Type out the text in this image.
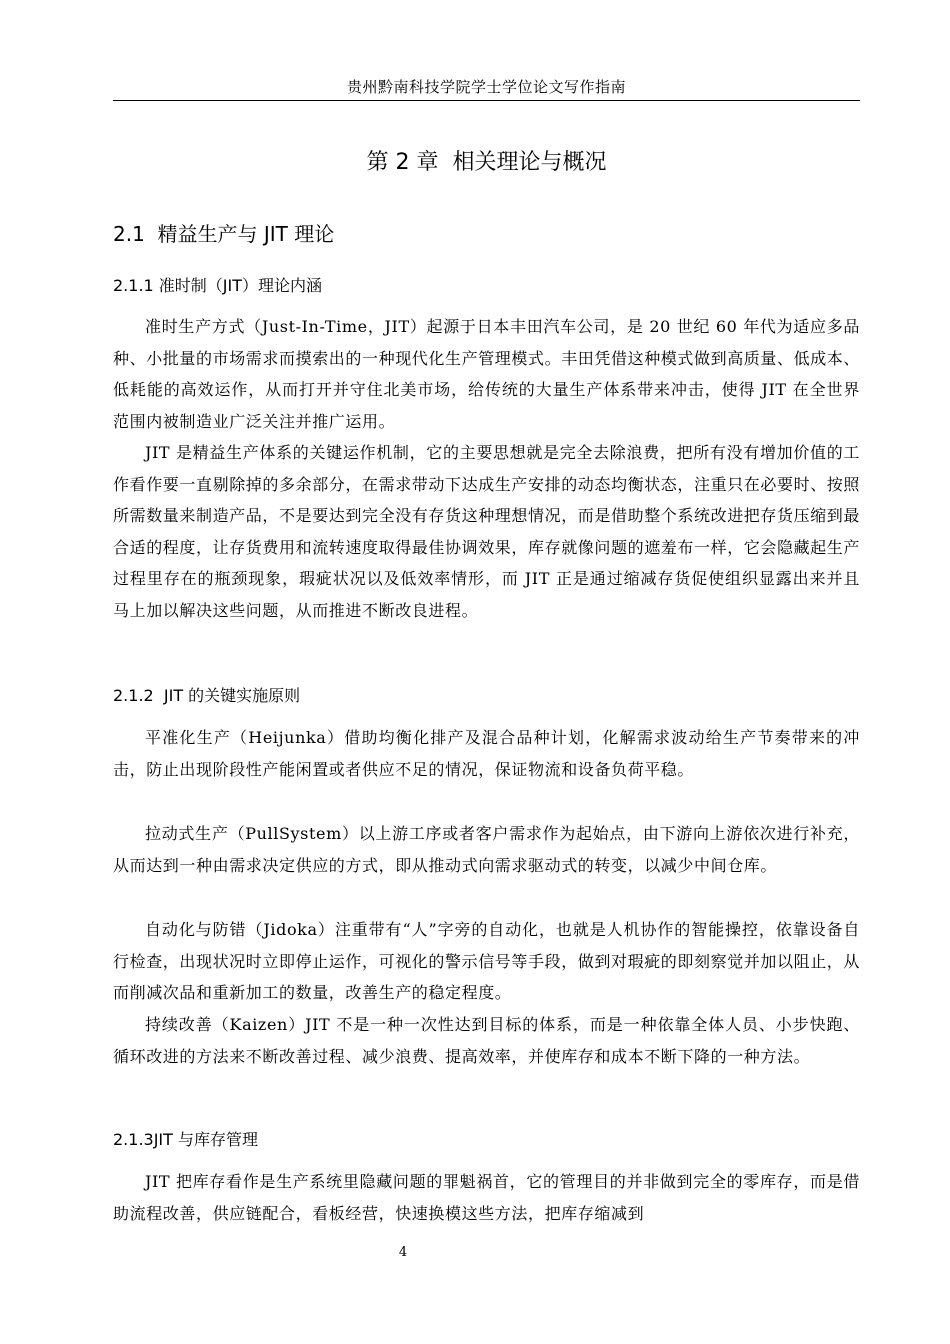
贵州黔南科技学院学士学位论文写作指南
第 2 章  相关理论与概况
2.1  精益生产与 JIT 理论
2.1.1 准时制（JIT）理论内涵

准时生产方式（Just-In-Time，JIT）起源于日本丰田汽车公司，是 20 世纪 60 年代为适应多品种、小批量的市场需求而摸索出的一种现代化生产管理模式。丰田凭借这种模式做到高质量、低成本、低耗能的高效运作，从而打开并守住北美市场，给传统的大量生产体系带来冲击，使得 JIT 在全世界范围内被制造业广泛关注并推广运用。

JIT 是精益生产体系的关键运作机制，它的主要思想就是完全去除浪费，把所有没有增加价值的工作看作要一直剔除掉的多余部分，在需求带动下达成生产安排的动态均衡状态，注重只在必要时、按照所需数量来制造产品，不是要达到完全没有存货这种理想情况，而是借助整个系统改进把存货压缩到最合适的程度，让存货费用和流转速度取得最佳协调效果，库存就像问题的遮羞布一样，它会隐藏起生产过程里存在的瓶颈现象，瑕疵状况以及低效率情形，而 JIT 正是通过缩减存货促使组织显露出来并且马上加以解决这些问题，从而推进不断改良进程。

2.1.2  JIT 的关键实施原则

平准化生产（Heijunka）借助均衡化排产及混合品种计划，化解需求波动给生产节奏带来的冲击，防止出现阶段性产能闲置或者供应不足的情况，保证物流和设备负荷平稳。

拉动式生产（PullSystem）以上游工序或者客户需求作为起始点，由下游向上游依次进行补充，从而达到一种由需求决定供应的方式，即从推动式向需求驱动式的转变，以减少中间仓库。

自动化与防错（Jidoka）注重带有“人”字旁的自动化，也就是人机协作的智能操控，依靠设备自行检查，出现状况时立即停止运作，可视化的警示信号等手段，做到对瑕疵的即刻察觉并加以阻止，从而削减次品和重新加工的数量，改善生产的稳定程度。

持续改善（Kaizen）JIT 不是一种一次性达到目标的体系，而是一种依靠全体人员、小步快跑、循环改进的方法来不断改善过程、减少浪费、提高效率，并使库存和成本不断下降的一种方法。

2.1.3JIT 与库存管理

JIT 把库存看作是生产系统里隐藏问题的罪魁祸首，它的管理目的并非做到完全的零库存，而是借助流程改善，供应链配合，看板经营，快速换模这些方法，把库存缩减到

4
